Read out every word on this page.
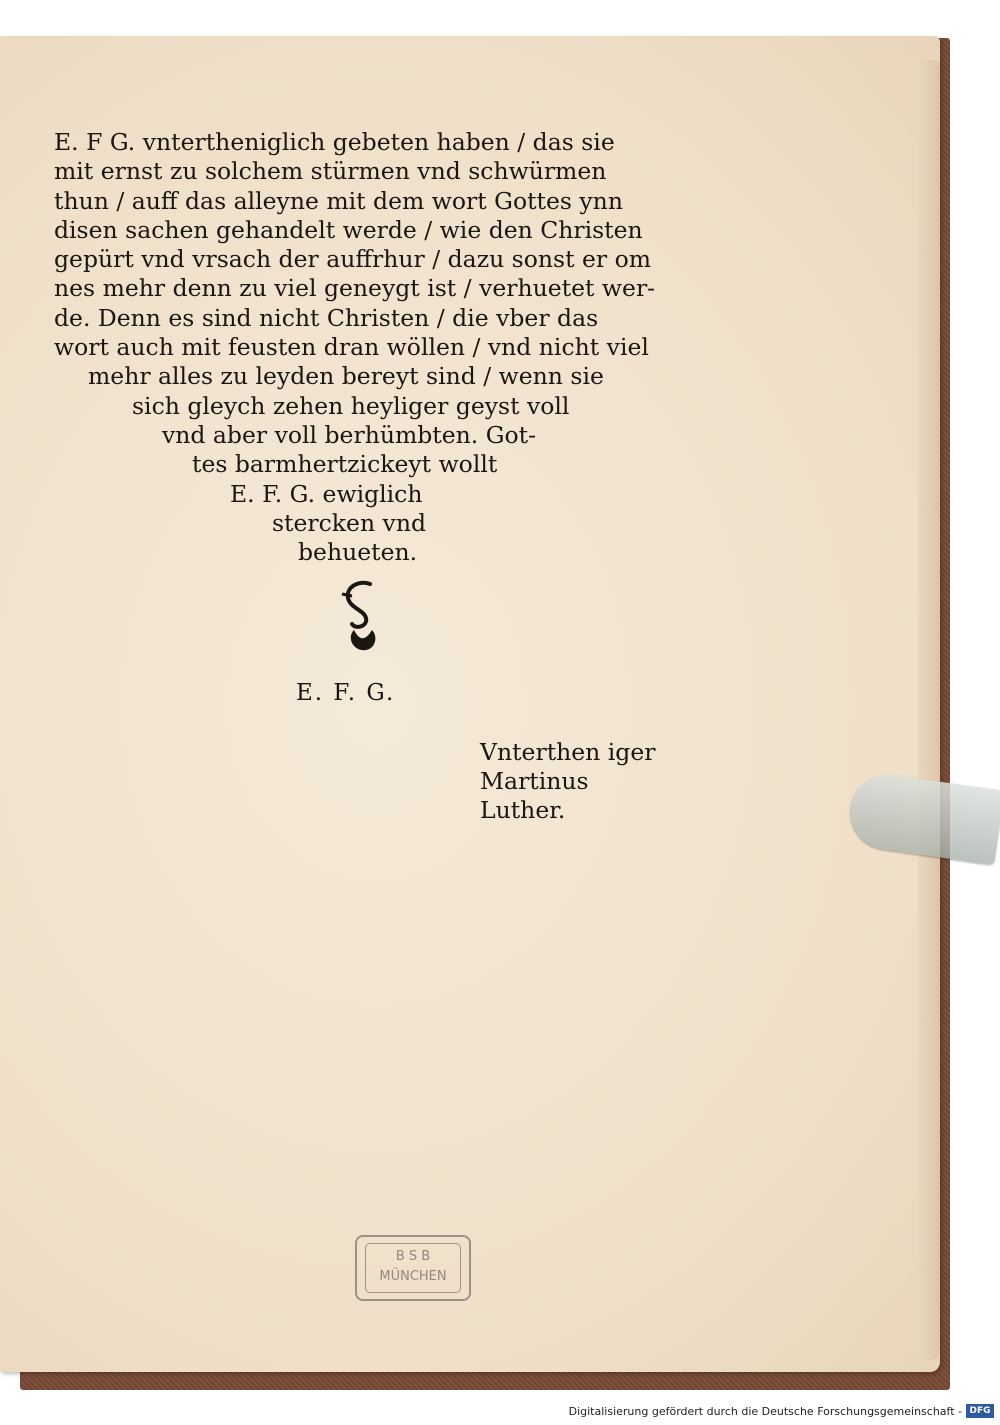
E. F G. vntertheniglich gebeten haben / das sie
mit ernst zu solchem stürmen vnd schwürmen
thun / auff das alleyne mit dem wort Gottes ynn
disen sachen gehandelt werde / wie den Christen
gepürt vnd vrsach der auffrhur / dazu sonst er om
nes mehr denn zu viel geneygt ist / verhuetet wer-
de. Denn es sind nicht Christen / die vber das
wort auch mit feusten dran wöllen / vnd nicht viel
mehr alles zu leyden bereyt sind / wenn sie
sich gleych zehen heyliger geyst voll
vnd aber voll berhümbten. Got-
tes barmhertzickeyt wollt
E. F. G. ewiglich
stercken vnd
behueten.
E. F. G.
Vnterthen iger
Martinus
Luther.
B S B
MÜNCHEN
Digitalisierung gefördert durch die Deutsche Forschungsgemeinschaft - DFG
